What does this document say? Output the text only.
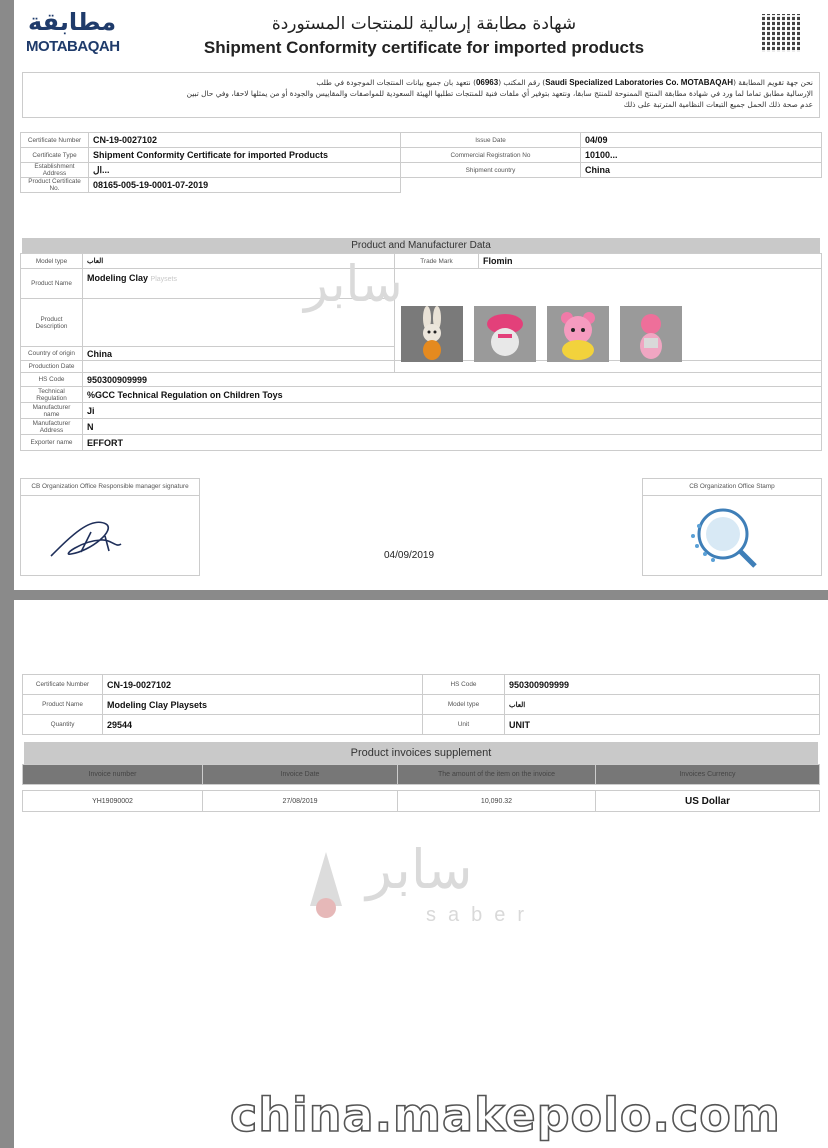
مطابقة
MOTABAQAH
شهادة مطابقة إرسالية للمنتجات المستوردة
Shipment Conformity certificate for imported products
نحن جهة تقويم المطابقة (Saudi Specialized Laboratories Co. MOTABAQAH) رقم المكتب (06963) نتعهد بان جميع بيانات المنتجات الموجودة في طلب
الإرسالية مطابق تماما لما ورد في شهادة مطابقة المنتج الممنوحة للمنتج سابقا، ونتعهد بتوفير أي ملفات فنية للمنتجات تطلبها الهيئة السعودية للمواصفات والمقاييس والجودة أو من يمثلها لاحقا، وفي حال تبين
عدم صحة ذلك الحمل جميع التبعات النظامية المترتبة على ذلك
Certificate Number	CN-19-0027102	Issue Date	04/09
Certificate Type	Shipment Conformity Certificate for imported Products	Commercial Registration No	10100...
Establishment Address	ال...	Shipment country	China
Product Certificate No.	08165-005-19-0001-07-2019		
Product and Manufacturer Data
Model type	العاب	Trade Mark	Flomin
Product Name	Modeling Clay Playsets		
Product Description			
Country of origin	China		
Production Date			
HS Code	950300909999		
Technical Regulation	%GCC Technical Regulation on Children Toys		
Manufacturer name	Ji		
Manufacturer Address	N		
Exporter name	EFFORT		
سابر
CB Organization Office Responsible manager signature
04/09/2019
CB Organization Office Stamp
Certificate Number	CN-19-0027102	HS Code	950300909999
Product Name	Modeling Clay Playsets	Model type	العاب
Quantity	29544	Unit	UNIT
Product invoices supplement
Invoice number	Invoice Date	The amount of the item on the invoice	Invoices Currency

YH19090002	27/08/2019	10,090.32	US Dollar
سابر
saber
china.makepolo.com
